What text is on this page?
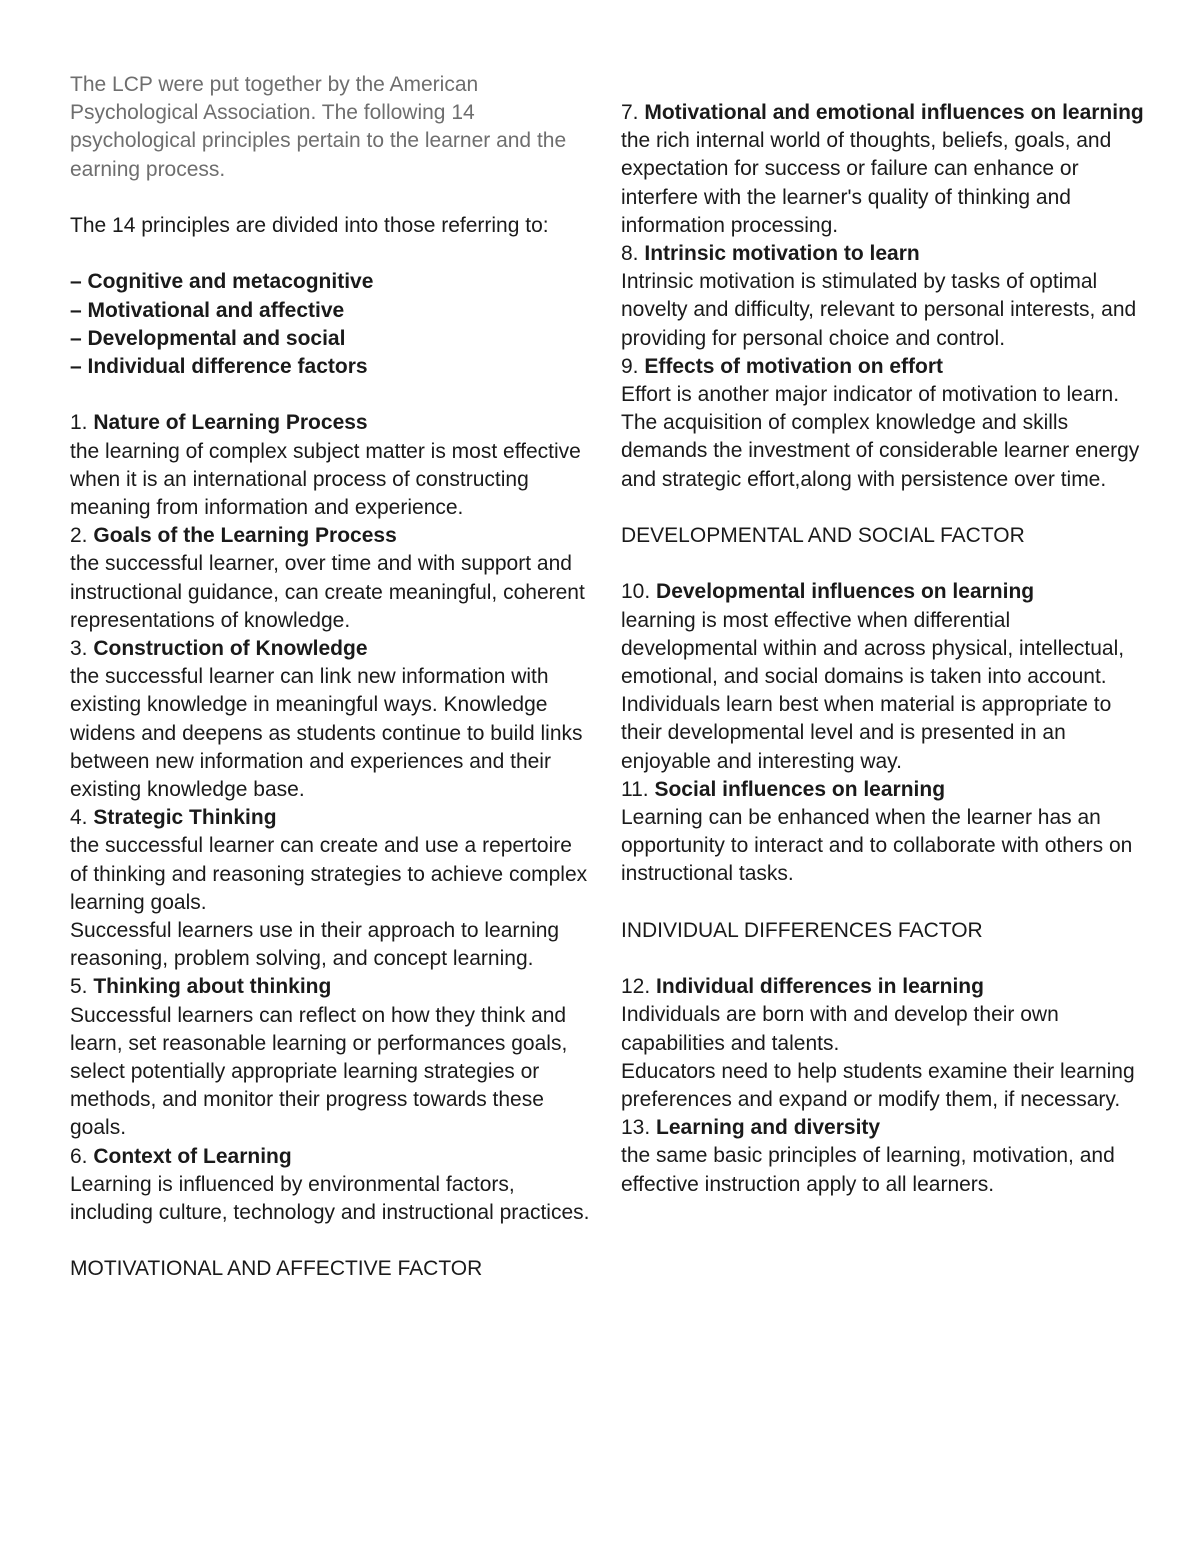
The LCP were put together by the American Psychological Association. The following 14 psychological principles pertain to the learner and the earning process.

The 14 principles are divided into those referring to:

– Cognitive and metacognitive
– Motivational and affective
– Developmental and social
– Individual difference factors
1. Nature of Learning Process

the learning of complex subject matter is most effective when it is an international process of constructing meaning from information and experience.

2. Goals of the Learning Process

the successful learner, over time and with support and instructional guidance, can create meaningful, coherent representations of knowledge.

3. Construction of Knowledge

the successful learner can link new information with existing knowledge in meaningful ways. Knowledge widens and deepens as students continue to build links between new information and experiences and their existing knowledge base.

4. Strategic Thinking

the successful learner can create and use a repertoire of thinking and reasoning strategies to achieve complex learning goals.

Successful learners use in their approach to learning reasoning, problem solving, and concept learning.

5. Thinking about thinking

Successful learners can reflect on how they think and learn, set reasonable learning or performances goals, select potentially appropriate learning strategies or methods, and monitor their progress towards these goals.

6. Context of Learning

Learning is influenced by environmental factors, including culture, technology and instructional practices.

MOTIVATIONAL AND AFFECTIVE FACTOR
7. Motivational and emotional influences on learning

the rich internal world of thoughts, beliefs, goals, and expectation for success or failure can enhance or interfere with the learner's quality of thinking and information processing.

8. Intrinsic motivation to learn

Intrinsic motivation is stimulated by tasks of optimal novelty and difficulty, relevant to personal interests, and providing for personal choice and control.

9. Effects of motivation on effort

Effort is another major indicator of motivation to learn. The acquisition of complex knowledge and skills demands the investment of considerable learner energy and strategic effort,along with persistence over time.

DEVELOPMENTAL AND SOCIAL FACTOR
10. Developmental influences on learning

learning is most effective when differential developmental within and across physical, intellectual, emotional, and social domains is taken into account.

Individuals learn best when material is appropriate to their developmental level and is presented in an enjoyable and interesting way.

11. Social influences on learning

Learning can be enhanced when the learner has an opportunity to interact and to collaborate with others on instructional tasks.

INDIVIDUAL DIFFERENCES FACTOR
12. Individual differences in learning

Individuals are born with and develop their own capabilities and talents.

Educators need to help students examine their learning preferences and expand or modify them, if necessary.

13. Learning and diversity

the same basic principles of learning, motivation, and effective instruction apply to all learners.
